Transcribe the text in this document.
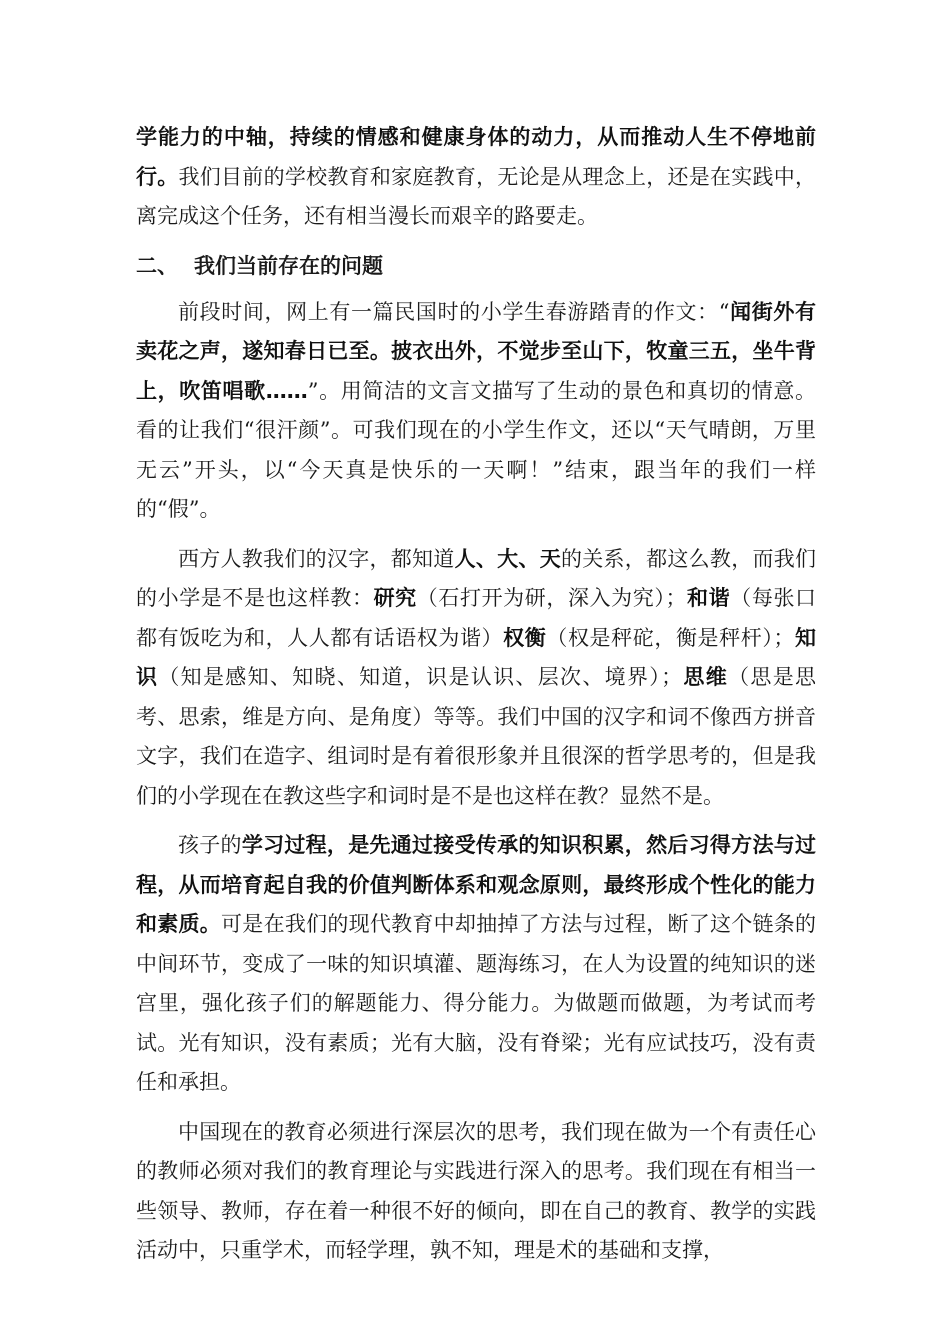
学能力的中轴，持续的情感和健康身体的动力，从而推动人生不停地前行。我们目前的学校教育和家庭教育，无论是从理念上，还是在实践中，离完成这个任务，还有相当漫长而艰辛的路要走。

二、 我们当前存在的问题

前段时间，网上有一篇民国时的小学生春游踏青的作文：“闻街外有卖花之声，遂知春日已至。披衣出外，不觉步至山下，牧童三五，坐牛背上，吹笛唱歌……”。用简洁的文言文描写了生动的景色和真切的情意。看的让我们“很汗颜”。可我们现在的小学生作文，还以“天气晴朗，万里无云”开头，以“今天真是快乐的一天啊！”结束，跟当年的我们一样的“假”。

西方人教我们的汉字，都知道人、大、天的关系，都这么教，而我们的小学是不是也这样教：研究（石打开为研，深入为究）；和谐（每张口都有饭吃为和，人人都有话语权为谐）权衡（权是秤砣，衡是秤杆）；知识（知是感知、知晓、知道，识是认识、层次、境界）；思维（思是思考、思索，维是方向、是角度）等等。我们中国的汉字和词不像西方拼音文字，我们在造字、组词时是有着很形象并且很深的哲学思考的，但是我们的小学现在在教这些字和词时是不是也这样在教？显然不是。

孩子的学习过程，是先通过接受传承的知识积累，然后习得方法与过程，从而培育起自我的价值判断体系和观念原则，最终形成个性化的能力和素质。可是在我们的现代教育中却抽掉了方法与过程，断了这个链条的中间环节，变成了一味的知识填灌、题海练习，在人为设置的纯知识的迷宫里，强化孩子们的解题能力、得分能力。为做题而做题，为考试而考试。光有知识，没有素质；光有大脑，没有脊梁；光有应试技巧，没有责任和承担。

中国现在的教育必须进行深层次的思考，我们现在做为一个有责任心的教师必须对我们的教育理论与实践进行深入的思考。我们现在有相当一些领导、教师，存在着一种很不好的倾向，即在自己的教育、教学的实践活动中，只重学术，而轻学理，孰不知，理是术的基础和支撑，
